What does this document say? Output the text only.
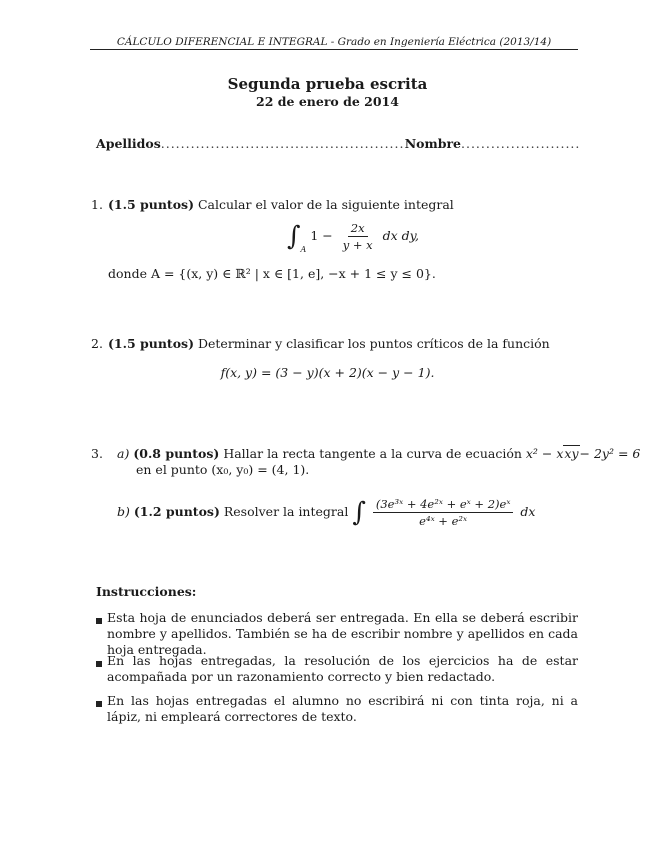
CÁLCULO DIFERENCIAL E INTEGRAL - Grado en Ingeniería Eléctrica (2013/14)
Segunda prueba escrita
22 de enero de 2014
Apellidos
.....	Nombre
.....
1. (1.5 puntos) Calcular el valor de la siguiente integral
$\int_A$ $1 - \frac{2x}{y + x}$ dx dy,
donde A = {(x, y) ∈ ℝ² | x ∈ [1, e], −x + 1 ≤ y ≤ 0}.
2. (1.5 puntos) Determinar y clasificar los puntos críticos de la función
f(x, y) = (3 − y)(x + 2)(x − y − 1).
3. a) (0.8 puntos) Hallar la recta tangente a la curva de ecuación x² − xxy− 2y² = 6
en el punto (x₀, y₀) = (4, 1).
b) (1.2 puntos) Resolver la integral ∫ $\frac{\text{(3e³ˣ + 4e²ˣ + eˣ + 2)eˣ}}{\text{e⁴ˣ + e²ˣ}}$ dx
Instrucciones:
Esta hoja de enunciados deberá ser entregada. En ella se deberá escribir nombre y apellidos. También se ha de escribir nombre y apellidos en cada hoja entregada.
En las hojas entregadas, la resolución de los ejercicios ha de estar acompañada por un razonamiento correcto y bien redactado.
En las hojas entregadas el alumno no escribirá ni con tinta roja, ni a lápiz, ni empleará correctores de texto.
